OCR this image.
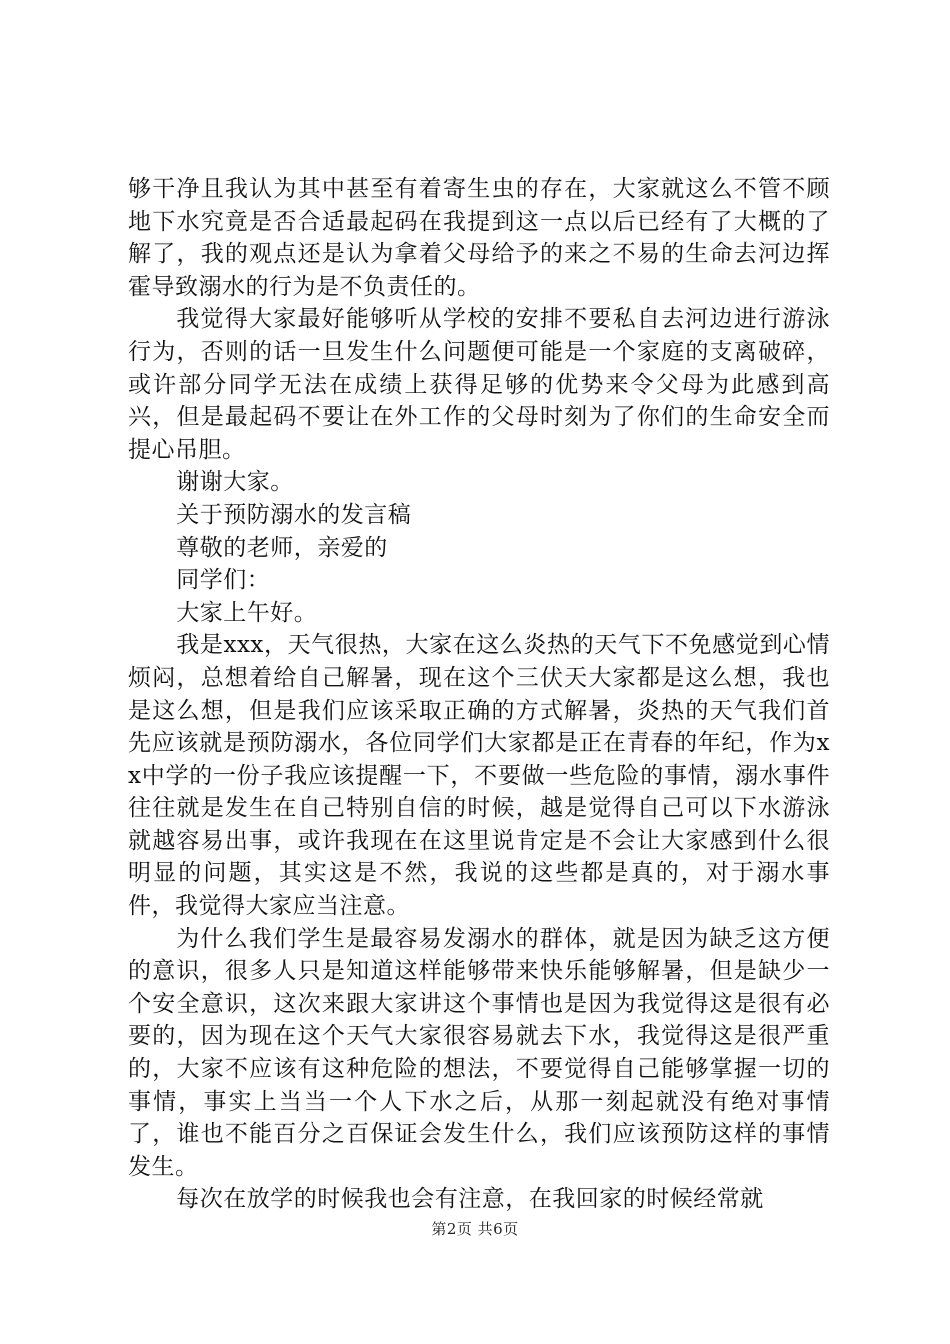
够干净且我认为其中甚至有着寄生虫的存在，大家就这么不管不顾地下水究竟是否合适最起码在我提到这一点以后已经有了大概的了解了，我的观点还是认为拿着父母给予的来之不易的生命去河边挥霍导致溺水的行为是不负责任的。

我觉得大家最好能够听从学校的安排不要私自去河边进行游泳行为，否则的话一旦发生什么问题便可能是一个家庭的支离破碎，或许部分同学无法在成绩上获得足够的优势来令父母为此感到高兴，但是最起码不要让在外工作的父母时刻为了你们的生命安全而提心吊胆。

谢谢大家。

关于预防溺水的发言稿

尊敬的老师，亲爱的

同学们：

大家上午好。

我是xxx，天气很热，大家在这么炎热的天气下不免感觉到心情烦闷，总想着给自己解暑，现在这个三伏天大家都是这么想，我也是这么想，但是我们应该采取正确的方式解暑，炎热的天气我们首先应该就是预防溺水，各位同学们大家都是正在青春的年纪，作为xx中学的一份子我应该提醒一下，不要做一些危险的事情，溺水事件往往就是发生在自己特别自信的时候，越是觉得自己可以下水游泳就越容易出事，或许我现在在这里说肯定是不会让大家感到什么很明显的问题，其实这是不然，我说的这些都是真的，对于溺水事件，我觉得大家应当注意。

为什么我们学生是最容易发溺水的群体，就是因为缺乏这方便的意识，很多人只是知道这样能够带来快乐能够解暑，但是缺少一个安全意识，这次来跟大家讲这个事情也是因为我觉得这是很有必要的，因为现在这个天气大家很容易就去下水，我觉得这是很严重的，大家不应该有这种危险的想法，不要觉得自己能够掌握一切的事情，事实上当当一个人下水之后，从那一刻起就没有绝对事情了，谁也不能百分之百保证会发生什么，我们应该预防这样的事情发生。

每次在放学的时候我也会有注意，在我回家的时候经常就

第2页 共6页
